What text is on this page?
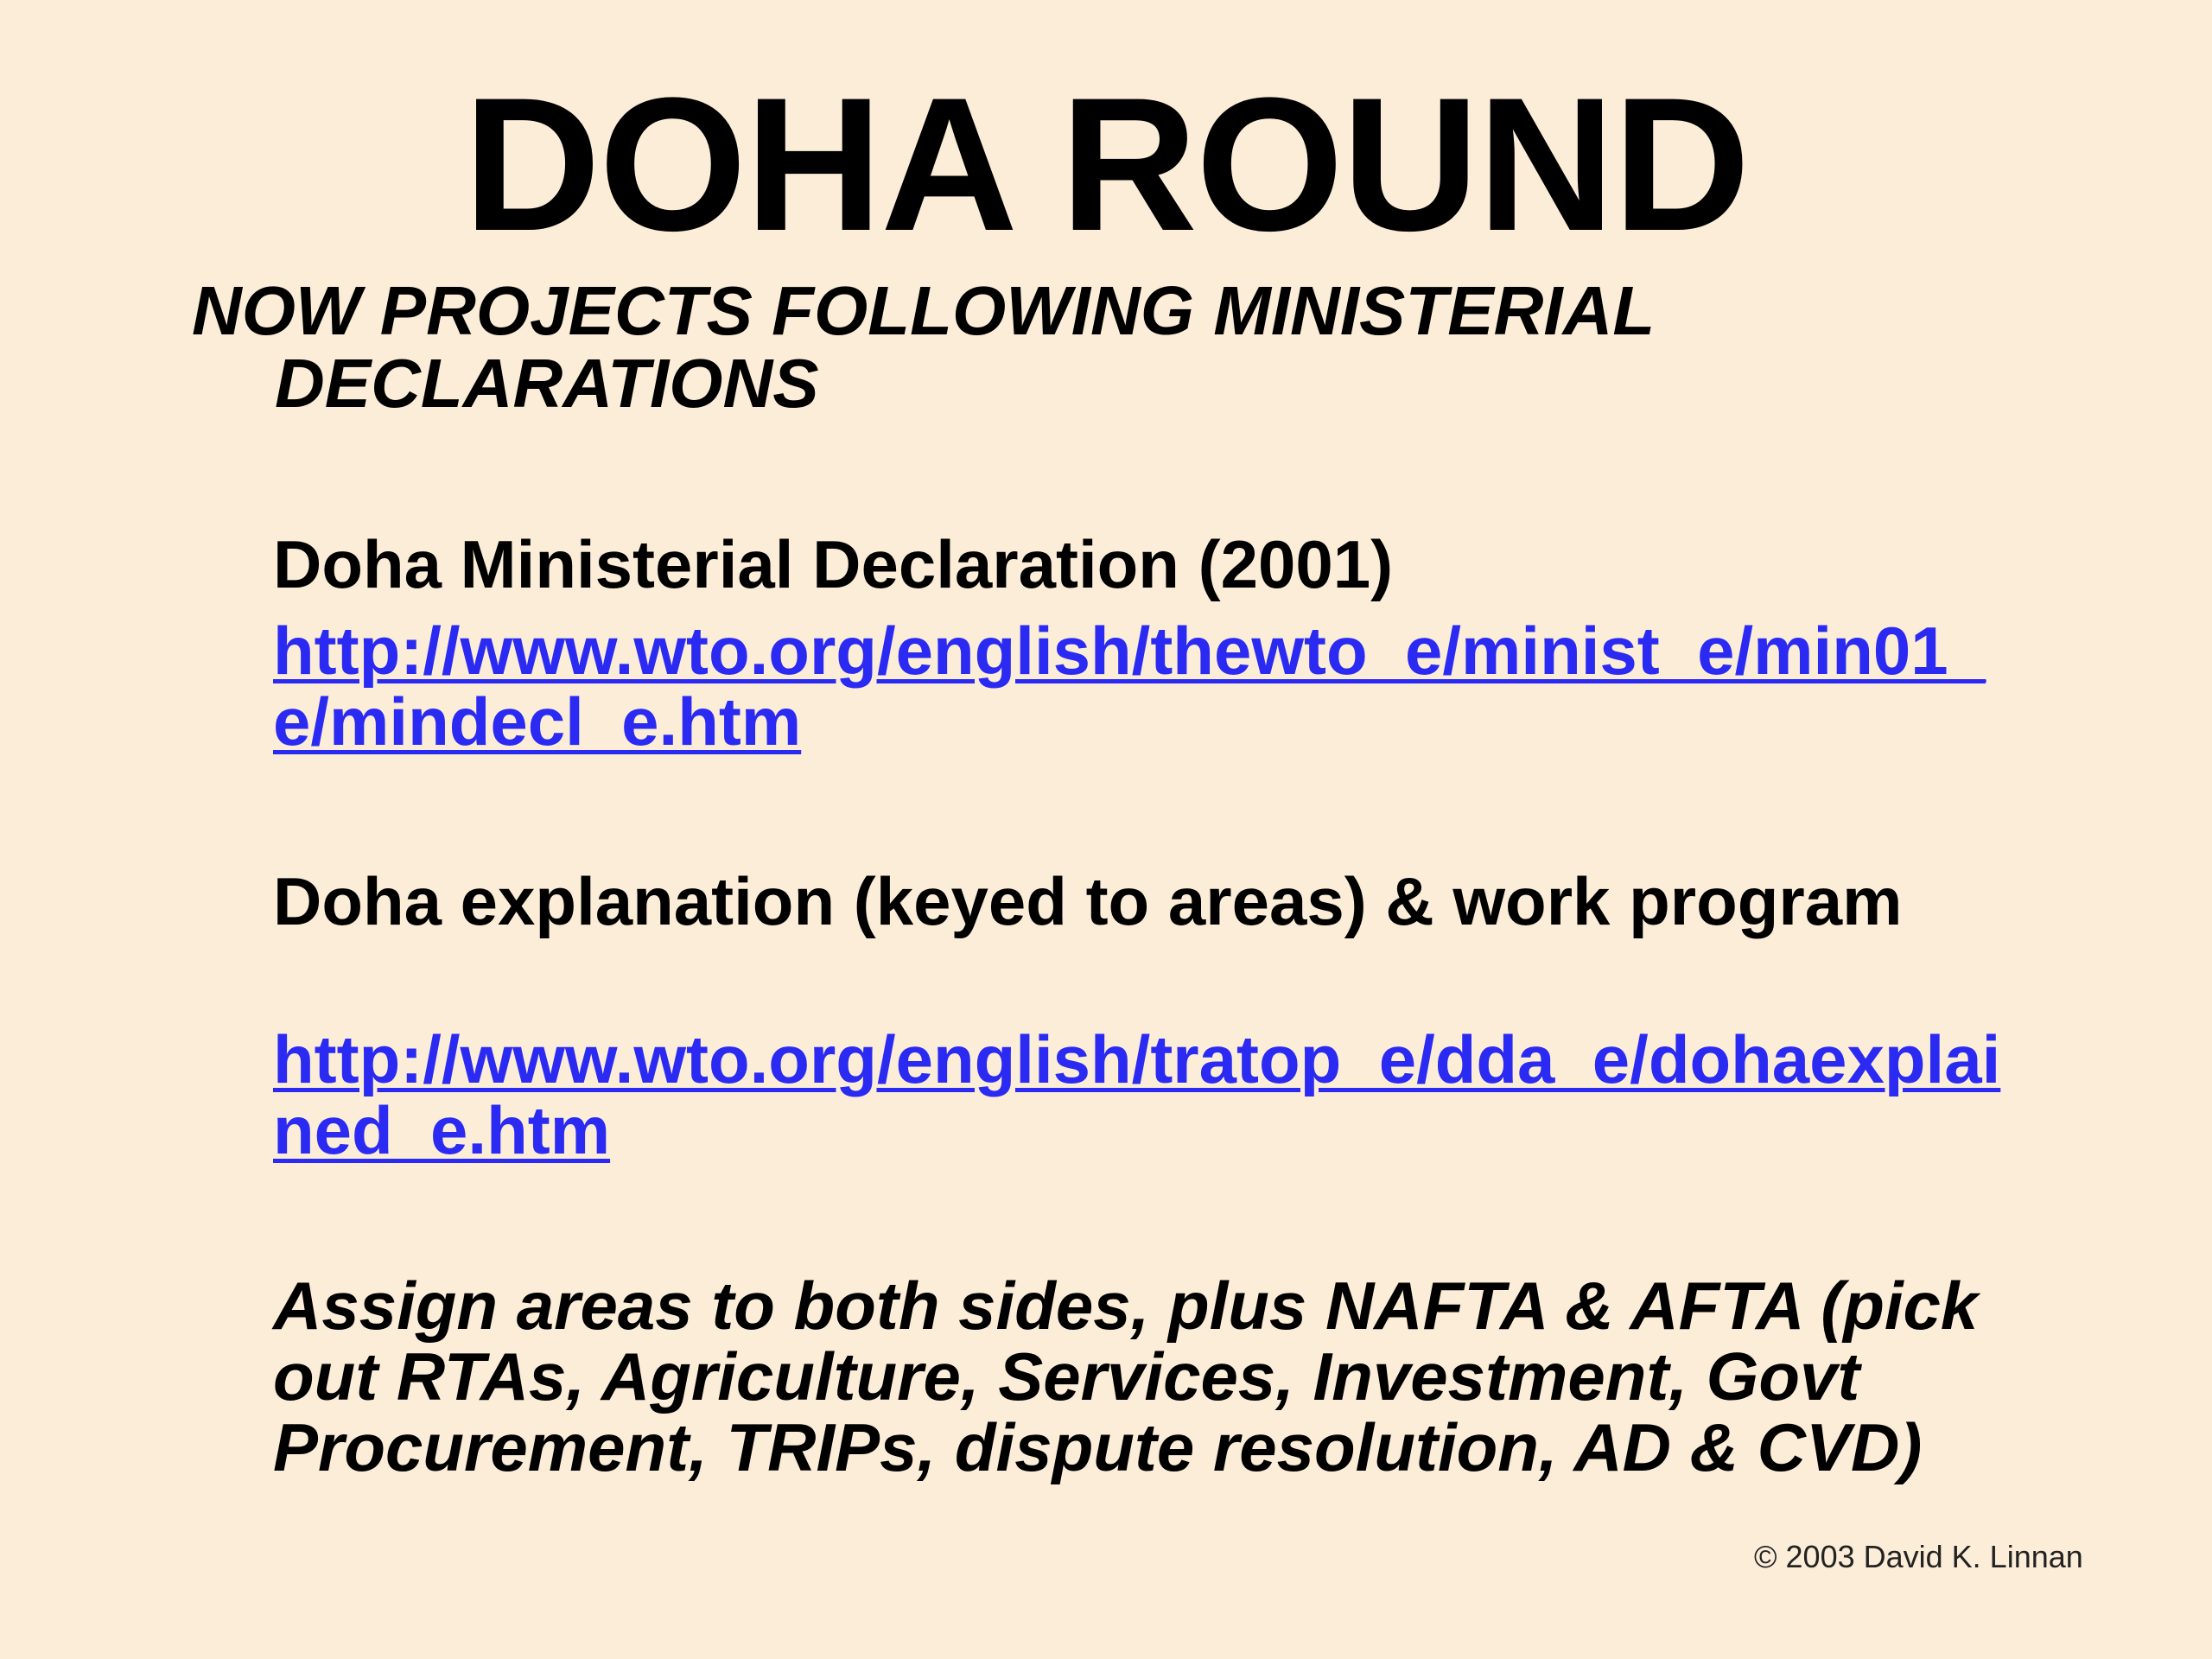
DOHA ROUND
NOW PROJECTS FOLLOWING MINISTERIAL DECLARATIONS
Doha Ministerial Declaration (2001)
http://www.wto.org/english/thewto_e/minist_e/min01_e/mindecl_e.htm
Doha explanation (keyed to areas) & work program
http://www.wto.org/english/tratop_e/dda_e/dohaexplained_e.htm
Assign areas to both sides, plus NAFTA & AFTA (pick out RTAs, Agriculture, Services, Investment, Govt Procurement, TRIPs, dispute resolution, AD & CVD)
© 2003 David K. Linnan
